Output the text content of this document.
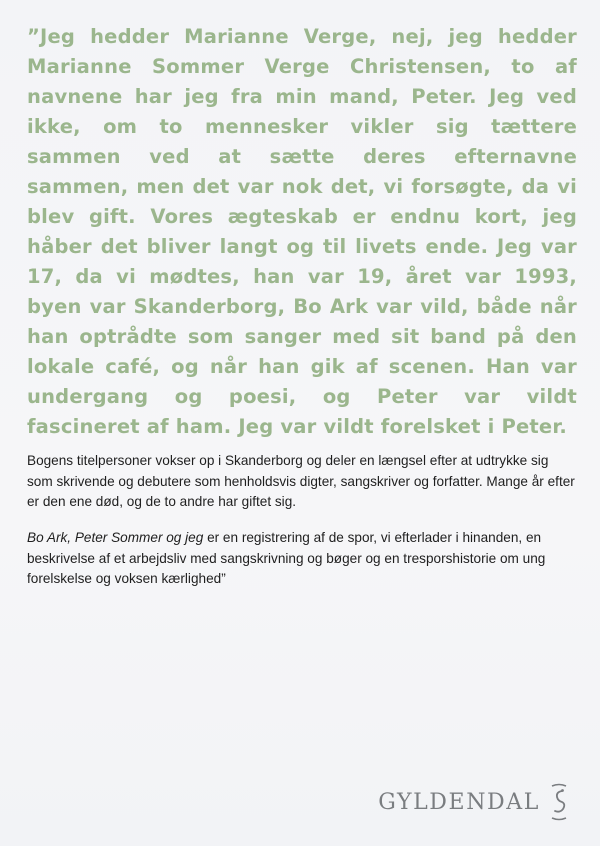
”Jeg hedder Marianne Verge, nej, jeg hedder Marianne Sommer Verge Christensen, to af navnene har jeg fra min mand, Peter. Jeg ved ikke, om to mennesker vikler sig tættere sammen ved at sætte deres efternavne sammen, men det var nok det, vi forsøgte, da vi blev gift. Vores ægteskab er endnu kort, jeg håber det bliver langt og til livets ende. Jeg var 17, da vi mødtes, han var 19, året var 1993, byen var Skanderborg, Bo Ark var vild, både når han optrådte som sanger med sit band på den lokale café, og når han gik af scenen. Han var undergang og poesi, og Peter var vildt fascineret af ham. Jeg var vildt forelsket i Peter.

Bogens titelpersoner vokser op i Skanderborg og deler en længsel efter at udtrykke sig som skrivende og debutere som henholdsvis digter, sangskriver og forfatter. Mange år efter er den ene død, og de to andre har giftet sig.

Bo Ark, Peter Sommer og jeg er en registrering af de spor, vi efterlader i hinanden, en beskrivelse af et arbejdsliv med sangskrivning og bøger og en tresporshistorie om ung forelskelse og voksen kærlighed”

GYLDENDAL
